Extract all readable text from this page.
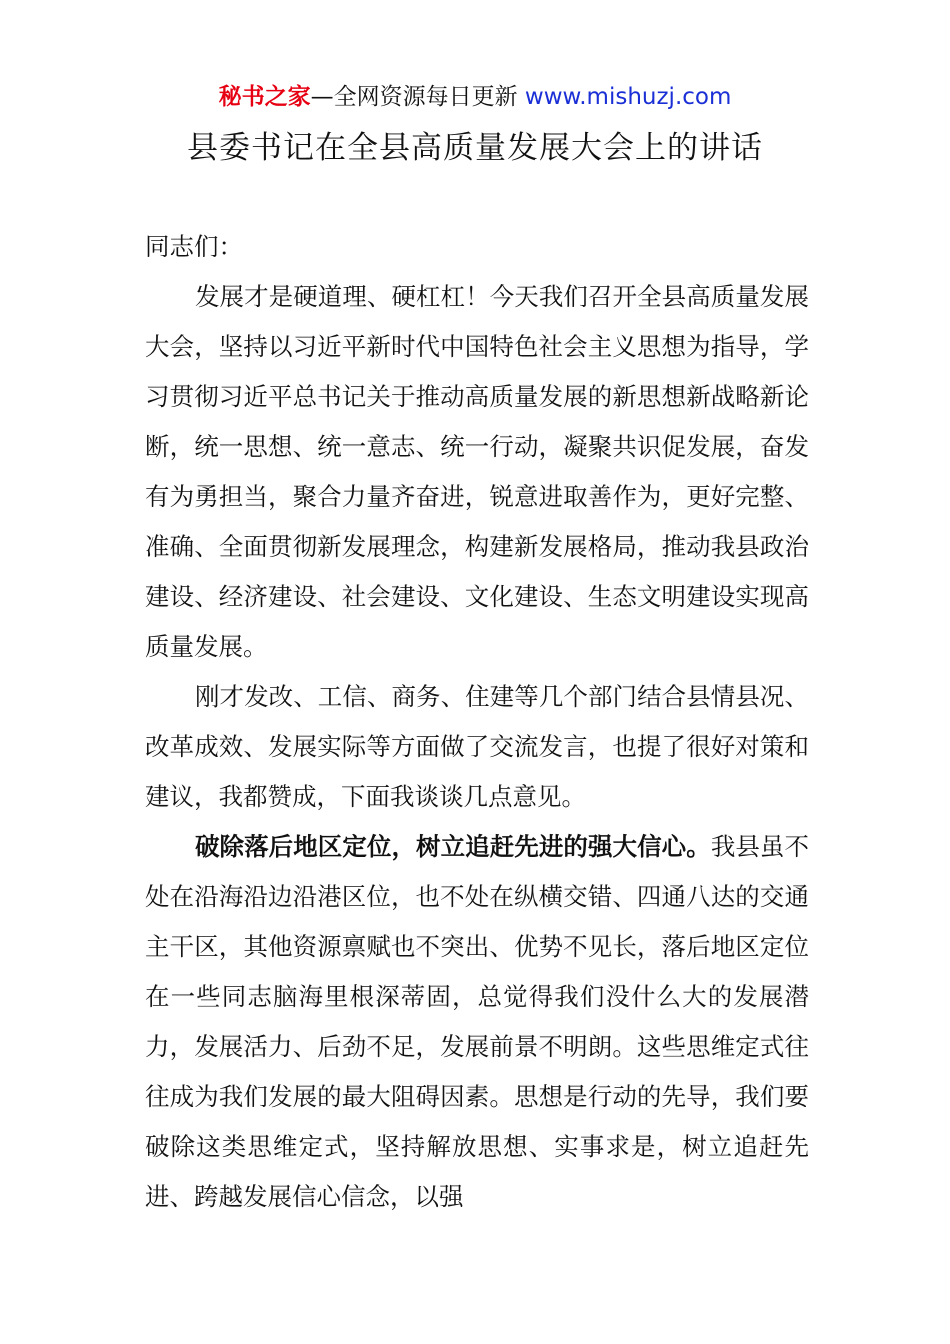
秘书之家—全网资源每日更新 www.mishuzj.com
县委书记在全县高质量发展大会上的讲话

同志们：

发展才是硬道理、硬杠杠！今天我们召开全县高质量发展大会，坚持以习近平新时代中国特色社会主义思想为指导，学习贯彻习近平总书记关于推动高质量发展的新思想新战略新论断，统一思想、统一意志、统一行动，凝聚共识促发展，奋发有为勇担当，聚合力量齐奋进，锐意进取善作为，更好完整、准确、全面贯彻新发展理念，构建新发展格局，推动我县政治建设、经济建设、社会建设、文化建设、生态文明建设实现高质量发展。

刚才发改、工信、商务、住建等几个部门结合县情县况、改革成效、发展实际等方面做了交流发言，也提了很好对策和建议，我都赞成，下面我谈谈几点意见。

破除落后地区定位，树立追赶先进的强大信心。我县虽不处在沿海沿边沿港区位，也不处在纵横交错、四通八达的交通主干区，其他资源禀赋也不突出、优势不见长，落后地区定位在一些同志脑海里根深蒂固，总觉得我们没什么大的发展潜力，发展活力、后劲不足，发展前景不明朗。这些思维定式往往成为我们发展的最大阻碍因素。思想是行动的先导，我们要破除这类思维定式，坚持解放思想、实事求是，树立追赶先进、跨越发展信心信念，以强
